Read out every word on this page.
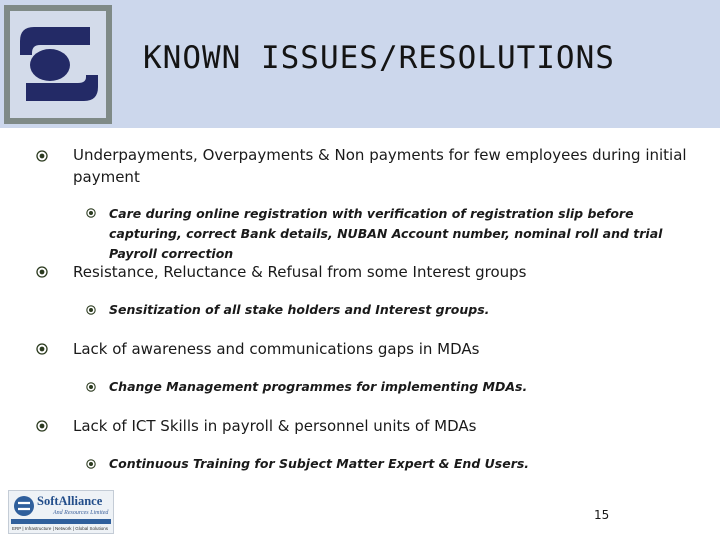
KNOWN ISSUES/RESOLUTIONS
Underpayments, Overpayments & Non payments for few employees during initial payment
Care during online registration with verification of registration slip before capturing, correct Bank details, NUBAN Account number, nominal roll and trial Payroll correction
Resistance, Reluctance & Refusal from some Interest groups
Sensitization of all stake holders and Interest groups.
Lack of awareness and communications gaps in MDAs
Change Management programmes for implementing MDAs.
Lack of ICT Skills in payroll & personnel units of MDAs
Continuous Training for Subject Matter Expert & End Users.
SoftAlliance
And Resources Limited
ERP | Infrastructure | Network | Global Solutions
15
